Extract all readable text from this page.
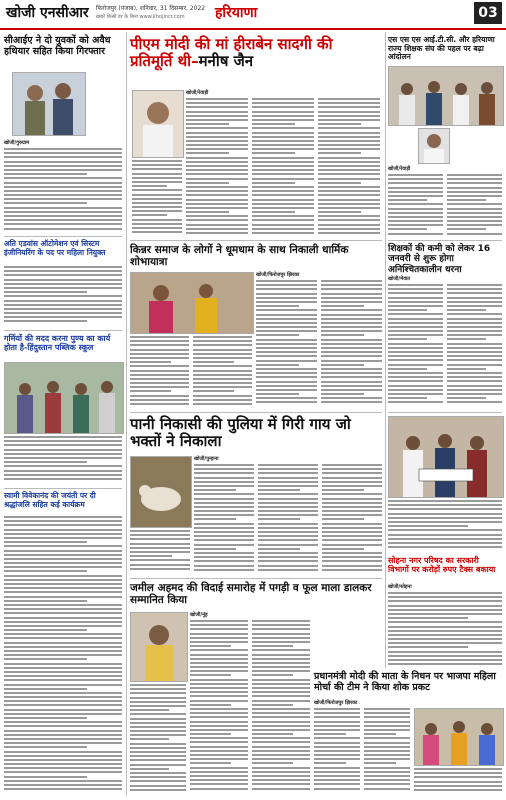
खोजी एनसीआर फिरोजपुर (पंजाब), शनिवार, 31 दिसम्बर, 2022
ख़बरें किसी डर के बिना www.khojincr.com हरियाणा	03
सीआईए ने दो युवकों को अवैध हथियार सहित किया गिरफ्तार
खोजी/गुरुग्राम
पीएम मोदी की मां हीराबेन सादगी की प्रतिमूर्ति थी–मनीष जैन
खोजी/रेवाड़ी
एस एस एस आई.टी.सी. और हरियाणा राज्य शिक्षक संघ की पहल पर बढ़ा आंदोलन
खोजी/रेवाड़ी
अति एडवांस ऑटोमेशन एवं सिस्टम इंजीनियरिंग के पद पर महिला नियुक्त	किन्नर समाज के लोगों ने धूमधाम के साथ निकाली धार्मिक शोभायात्रा
खोजी/फिरोजपुर झिरका
शिक्षकों की कमी को लेकर 16 जनवरी से शुरू होगा अनिश्चितकालीन धरना
खोजी/मेवात
गर्मियों की मदद करना पुण्य का कार्य होता है-हिंदुस्तान पब्लिक स्कूल
पानी निकासी की पुलिया में गिरी गाय जो भक्तों ने निकाला
खोजी/पुन्हाना
सोहना नगर परिषद का सरकारी विभागों पर करोड़ों रुपए टैक्स बकाया
खोजी/सोहना
स्वामी विवेकानंद की जयंती पर दी श्रद्धांजलि सहित कई कार्यक्रम
जमील अहमद की विदाई समारोह में पगड़ी व फूल माला डालकर सम्मानित किया
खोजी/नूंह
प्रधानमंत्री मोदी की माता के निधन पर भाजपा महिला मोर्चा की टीम ने किया शोक प्रकट
खोजी/फिरोजपुर झिरका
